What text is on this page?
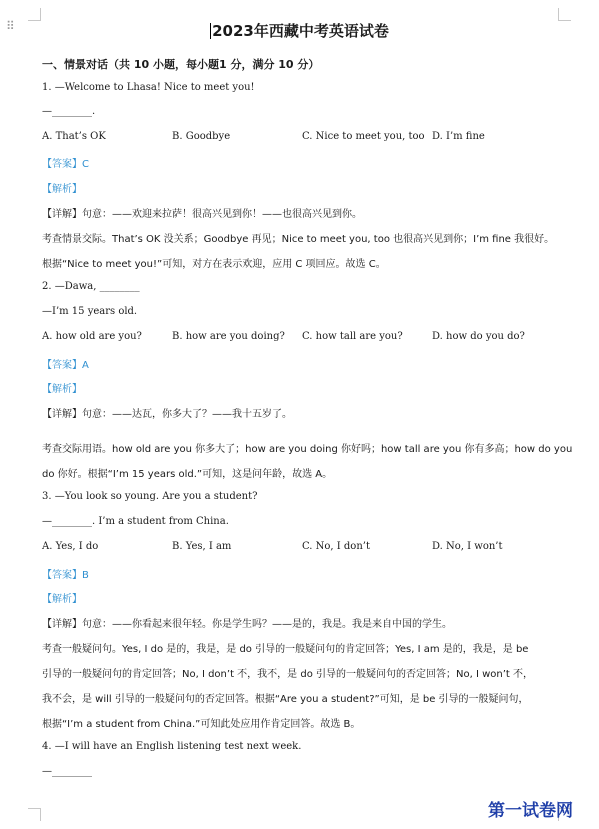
⠿	2023年西藏中考英语试卷
一、情景对话（共 10 小题，每小题1 分，满分 10 分）
1. —Welcome to Lhasa! Nice to meet you!
—________.
A. That’s OK	B. Goodbye	C. Nice to meet you, too D. I’m fine
【答案】C
【解析】
【详解】句意：——欢迎来拉萨！很高兴见到你！——也很高兴见到你。
考查情景交际。That’s OK 没关系；Goodbye 再见；Nice to meet you, too 也很高兴见到你；I’m fine 我很好。
根据“Nice to meet you!”可知，对方在表示欢迎，应用 C 项回应。故选 C。
2. —Dawa, ________
—I’m 15 years old.
A. how old are you?	B. how are you doing? C. how tall are you?	D. how do you do?
【答案】A
【解析】
【详解】句意：——达瓦，你多大了？——我十五岁了。
考查交际用语。how old are you 你多大了；how are you doing 你好吗；how tall are you 你有多高；how do you
do 你好。根据“I’m 15 years old.”可知，这是问年龄，故选 A。
3. —You look so young. Are you a student?
—________. I’m a student from China.
A. Yes, I do	B. Yes, I am	C. No, I don’t	D. No, I won’t
【答案】B
【解析】
【详解】句意：——你看起来很年轻。你是学生吗？——是的，我是。我是来自中国的学生。
考查一般疑问句。Yes, I do 是的，我是，是 do 引导的一般疑问句的肯定回答；Yes, I am 是的，我是，是 be
引导的一般疑问句的肯定回答；No, I don’t 不，我不，是 do 引导的一般疑问句的否定回答；No, I won’t 不，
我不会，是 will 引导的一般疑问句的否定回答。根据“Are you a student?”可知，是 be 引导的一般疑问句，
根据“I’m a student from China.”可知此处应用作肯定回答。故选 B。
4. —I will have an English listening test next week.
—________
第一试卷网
